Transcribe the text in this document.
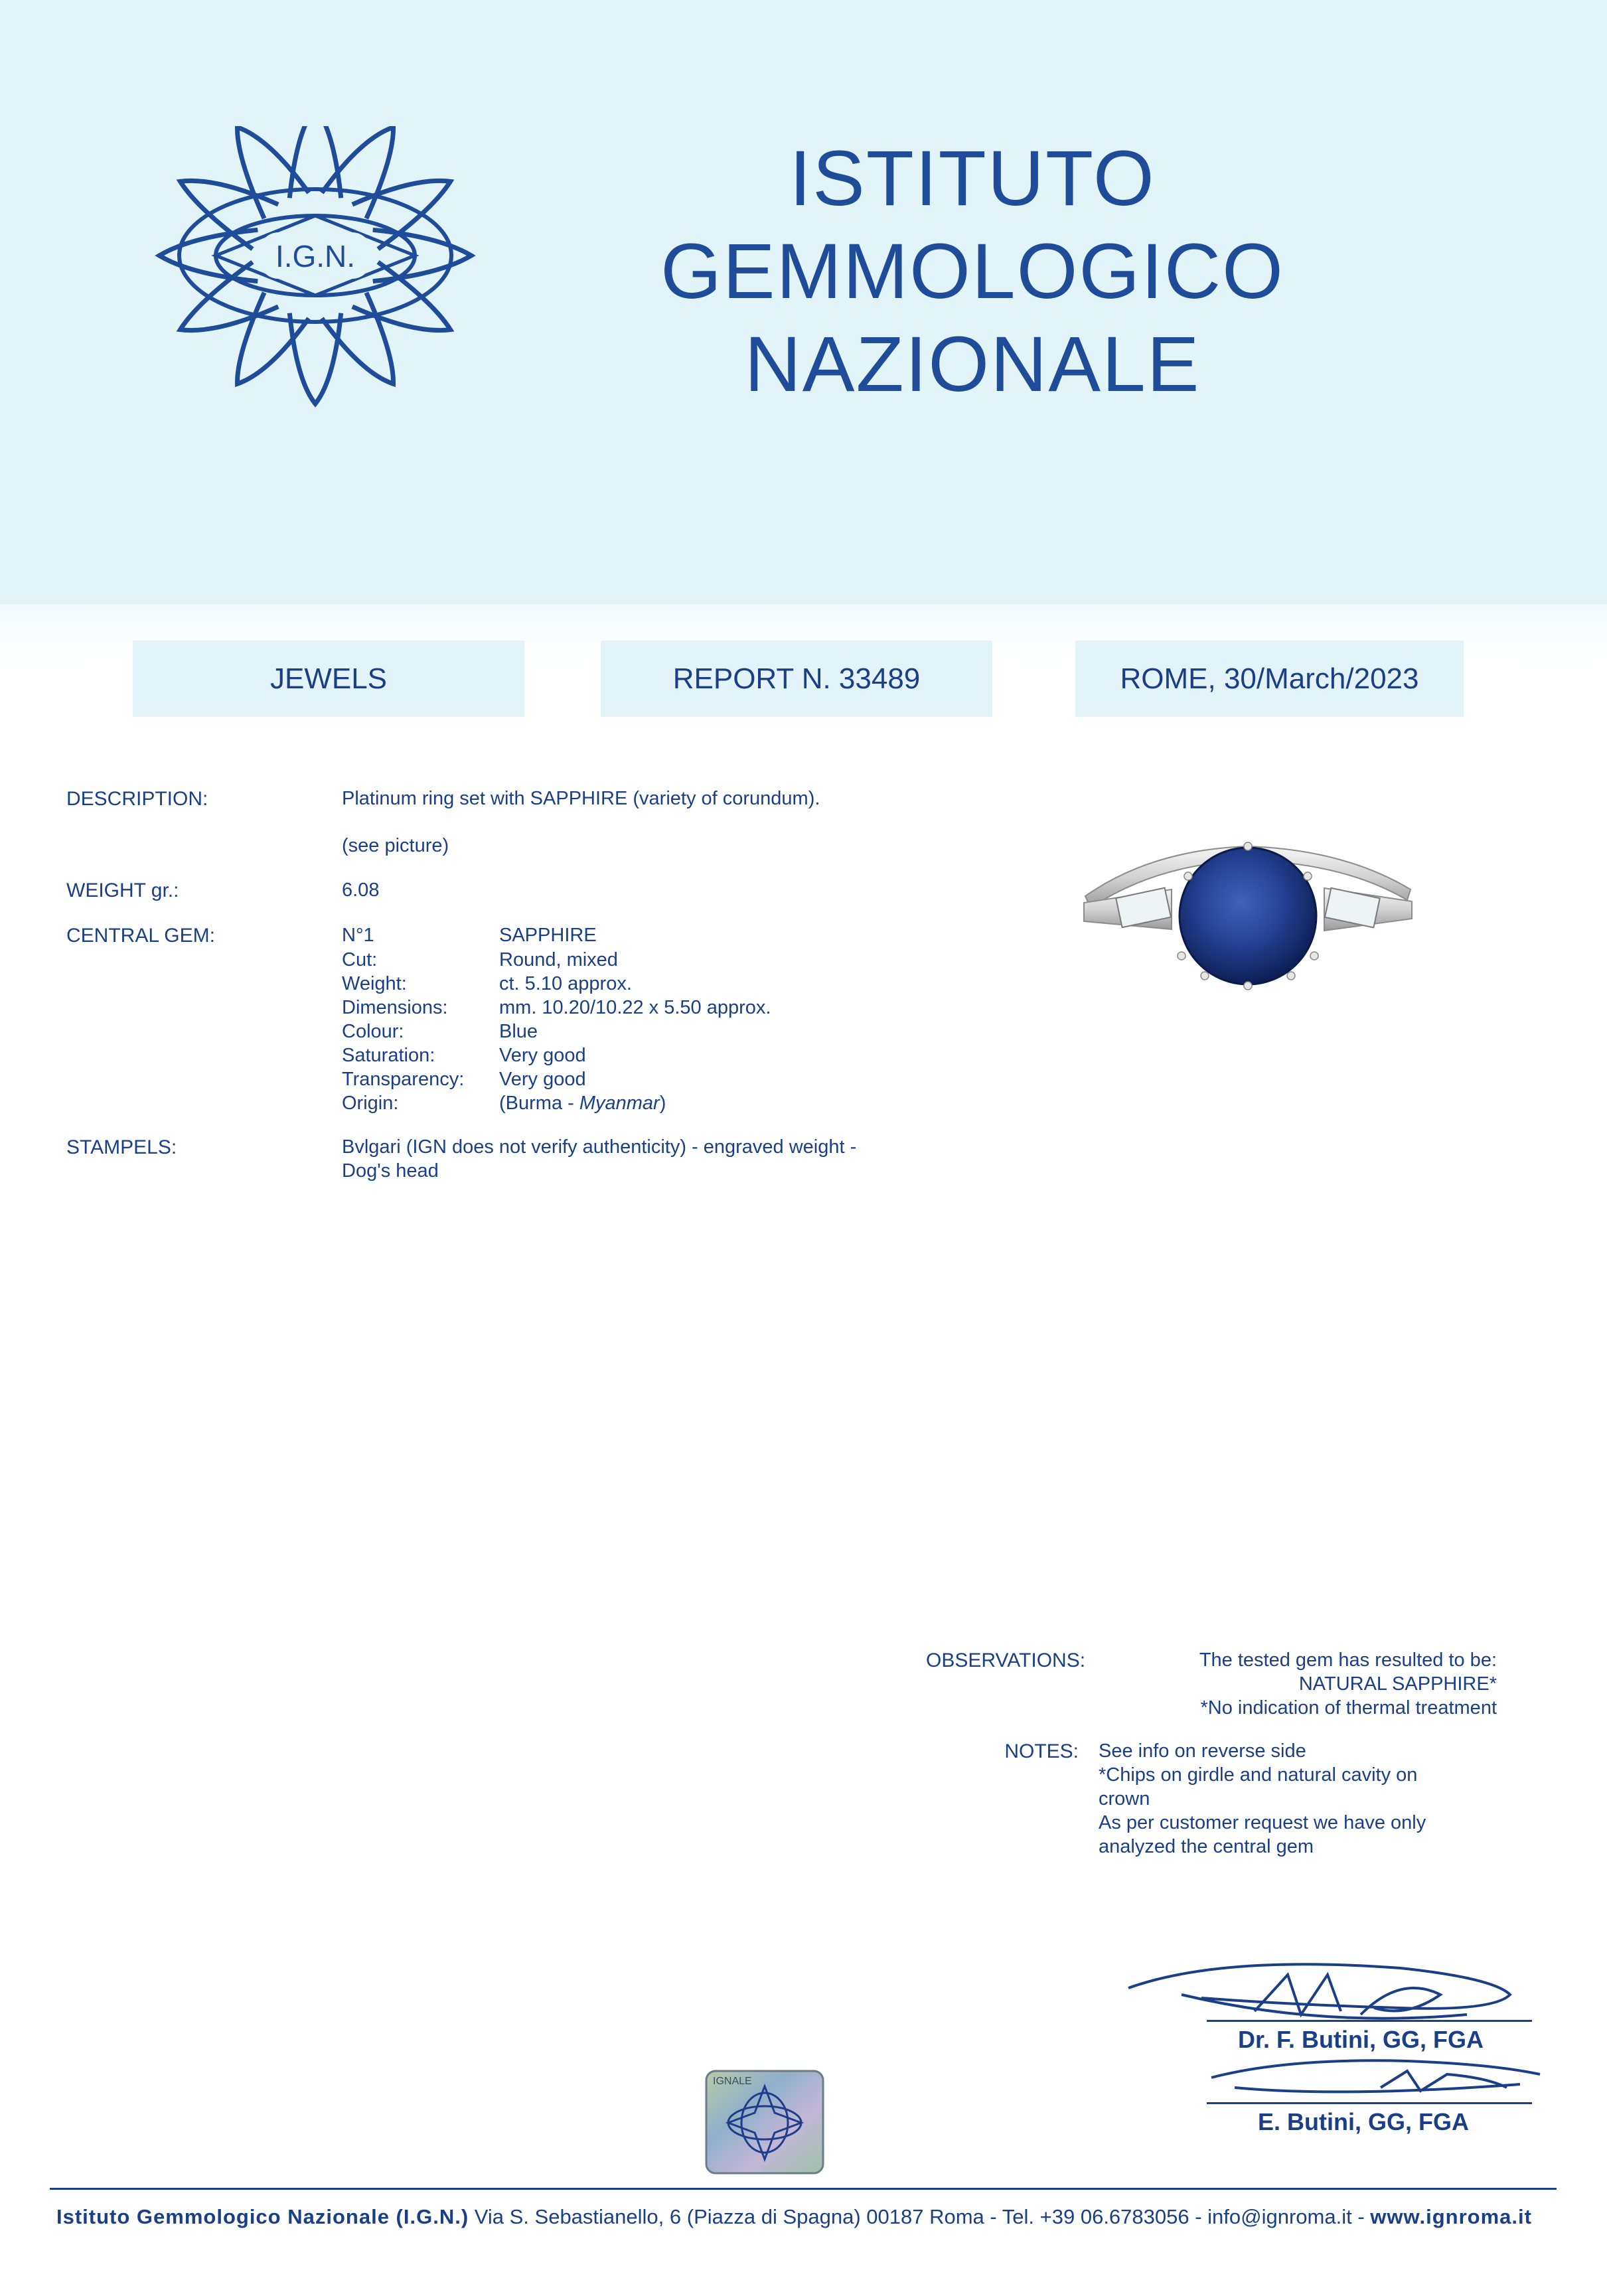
I.G.N.
ISTITUTO
GEMMOLOGICO
NAZIONALE
JEWELS	REPORT N. 33489	ROME, 30/March/2023
DESCRIPTION:	Platinum ring set with SAPPHIRE (variety of corundum).
(see picture)
WEIGHT gr.:	6.08
CENTRAL GEM:	N°1	SAPPHIRE
Cut:	Round, mixed
Weight:	ct. 5.10 approx.
Dimensions:	mm. 10.20/10.22 x 5.50 approx.
Colour:	Blue
Saturation:	Very good
Transparency: Very good
Origin:	(Burma - Myanmar)
STAMPELS:	Bvlgari (IGN does not verify authenticity) - engraved weight -
Dog's head
OBSERVATIONS:	The tested gem has resulted to be:
NATURAL SAPPHIRE*
*No indication of thermal treatment
NOTES: See info on reverse side
*Chips on girdle and natural cavity on
crown
As per customer request we have only
analyzed the central gem
Dr. F. Butini, GG, FGA
E. Butini, GG, FGA
IGNALE
Istituto Gemmologico Nazionale (I.G.N.) Via S. Sebastianello, 6 (Piazza di Spagna) 00187 Roma - Tel. +39 06.6783056 - info@ignroma.it - www.ignroma.it
